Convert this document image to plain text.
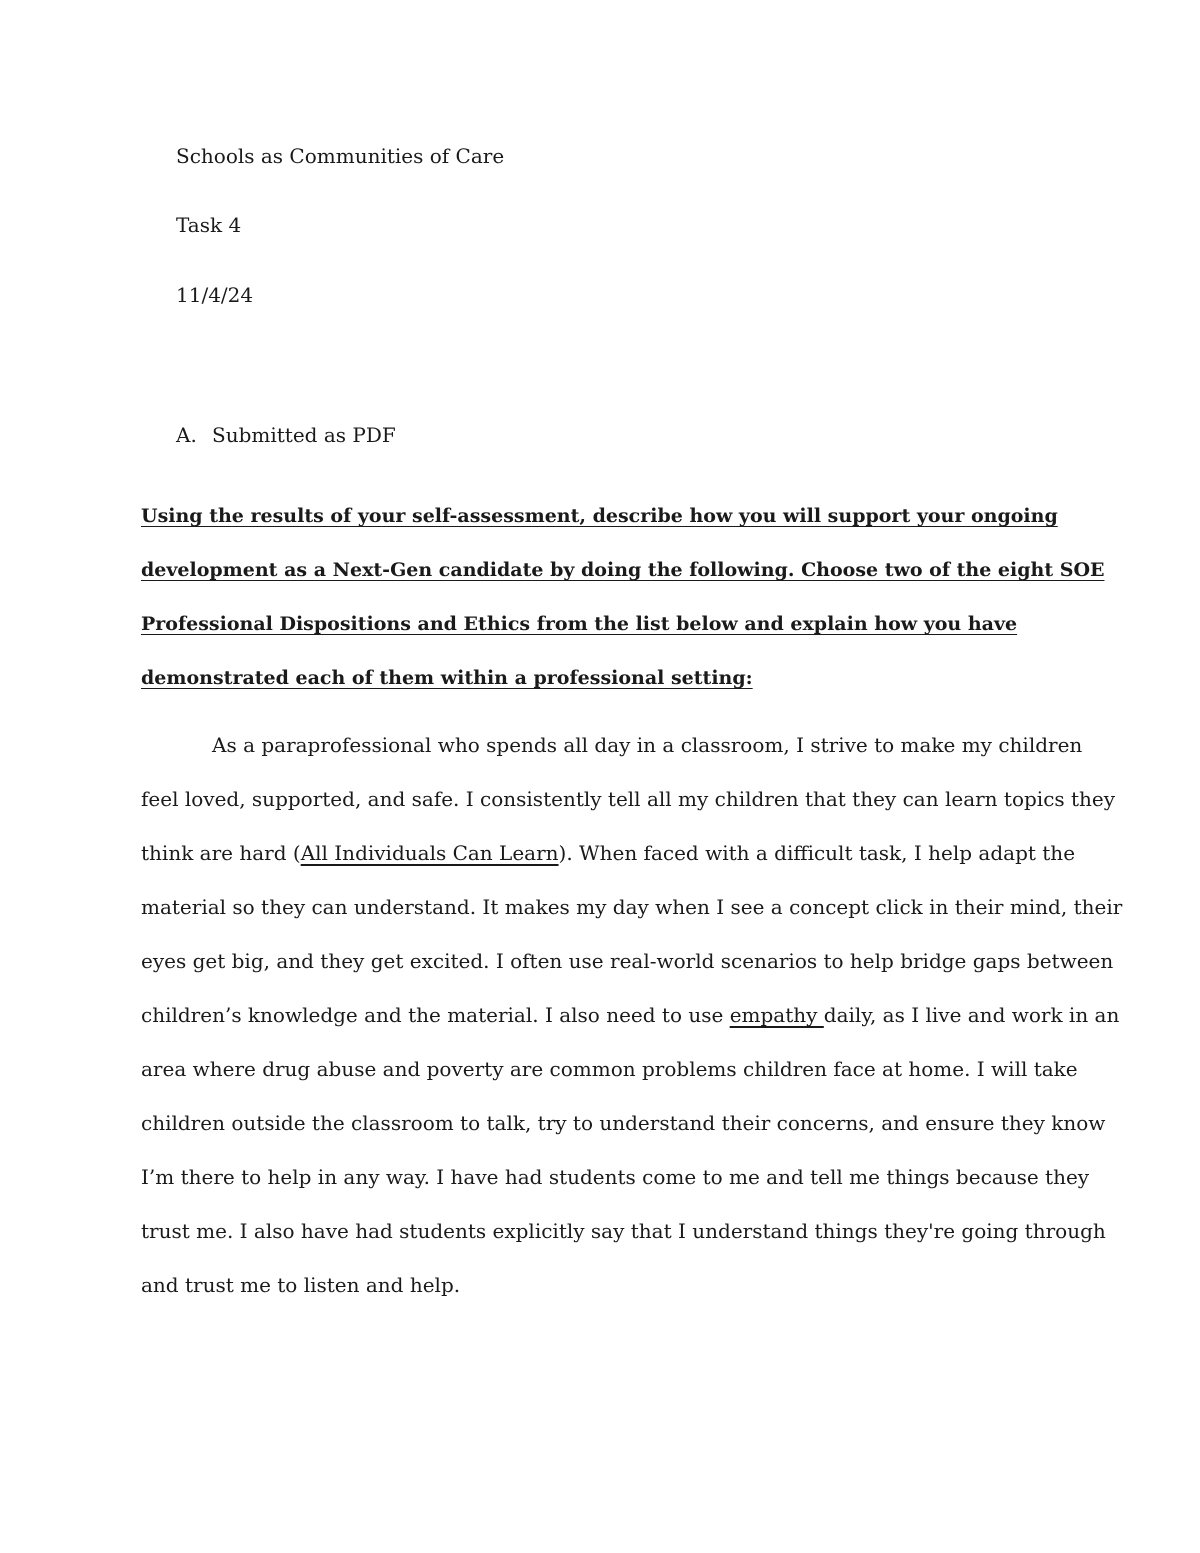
Schools as Communities of Care
Task 4
11/4/24
A. Submitted as PDF
Using the results of your self-assessment, describe how you will support your ongoing
development as a Next-Gen candidate by doing the following. Choose two of the eight SOE
Professional Dispositions and Ethics from the list below and explain how you have
demonstrated each of them within a professional setting:
As a paraprofessional who spends all day in a classroom, I strive to make my children
feel loved, supported, and safe. I consistently tell all my children that they can learn topics they
think are hard (All Individuals Can Learn). When faced with a difficult task, I help adapt the
material so they can understand. It makes my day when I see a concept click in their mind, their
eyes get big, and they get excited. I often use real-world scenarios to help bridge gaps between
children’s knowledge and the material. I also need to use empathy daily, as I live and work in an
area where drug abuse and poverty are common problems children face at home. I will take
children outside the classroom to talk, try to understand their concerns, and ensure they know
I’m there to help in any way. I have had students come to me and tell me things because they
trust me. I also have had students explicitly say that I understand things they're going through
and trust me to listen and help.
